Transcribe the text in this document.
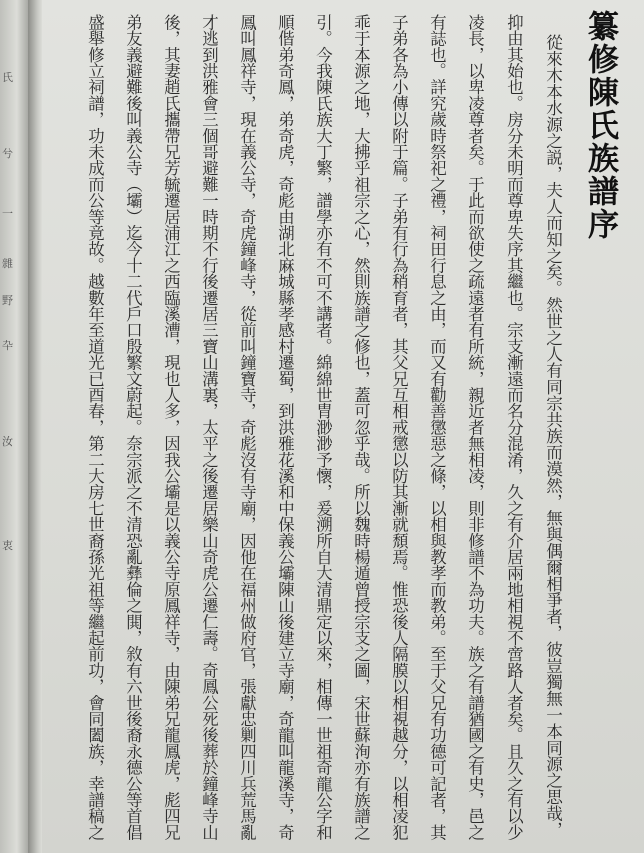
氏
兮
一
雜
野
卆
汝
衷
纂修陳氏族譜序
從來木本水源之説，夫人而知之矣。然世之人有同宗共族而漠然，無與偶爾相爭者，彼豈獨無一本同源之思哉，
抑由其始也。房分未明而尊卑失序其繼也。宗支漸遠而名分混淆，久之有介居兩地相視不啻路人者矣。且久之有以少
凌長，以卑凌尊者矣。于此而欲使之疏遠者有所統，親近者無相凌，則非修譜不為功夫。族之有譜猶國之有史，邑之
有誌也。詳究歲時祭祀之禮，祠田行息之由，而又有勸善懲惡之條，以相與教孝而教弟。至于父兄有功德可記者，其
子弟各為小傳以附于篇。子弟有行為稍育者，其父兄互相戒懲以防其漸就頹焉。惟恐後人隔膜以相視越分，以相凌犯
乖于本源之地，大拂乎祖宗之心，然則族譜之修也，蓋可忽乎哉。所以魏時楊遁曾授宗支之圖，宋世蘇洵亦有族譜之
引。今我陳氏族大丁繁，譜學亦有不可不講者。綿綿世胄渺渺予懷，爰溯所自大清鼎定以來，相傳一世祖奇龍公字和
順偕弟奇鳳，弟奇虎，奇彪由湖北麻城縣孝感村遷蜀，到洪雅花溪和中保義公壩陳山後建立寺廟，奇龍叫龍溪寺，奇
鳳叫鳳祥寺，現在義公寺，奇虎鐘峰寺，從前叫鐘寶寺，奇彪沒有寺廟，因他在福州做府官，張獻忠剿四川兵荒馬亂
才逃到洪雅會三個哥避難一時期不行後遷居三寶山溝裏，太平之後遷居樂山奇虎公遷仁壽。奇鳳公死後葬於鐘峰寺山
後，其妻趙氏攜帶兄芳毓遷居浦江之西臨溪漕，現也人多，因我公壩是以義公寺原鳳祥寺，由陳弟兄龍鳳虎，彪四兄
弟友義避難後叫義公寺（壩）迄今十二代戶口殷繁文蔚起。奈宗派之不清恐亂彝倫之閧，敘有六世後裔永德公等首倡
盛舉修立祠譜，功未成而公等竟故。越數年至道光已酉春，第二大房七世裔孫光祖等繼起前功，會同闔族，幸譜稿之
